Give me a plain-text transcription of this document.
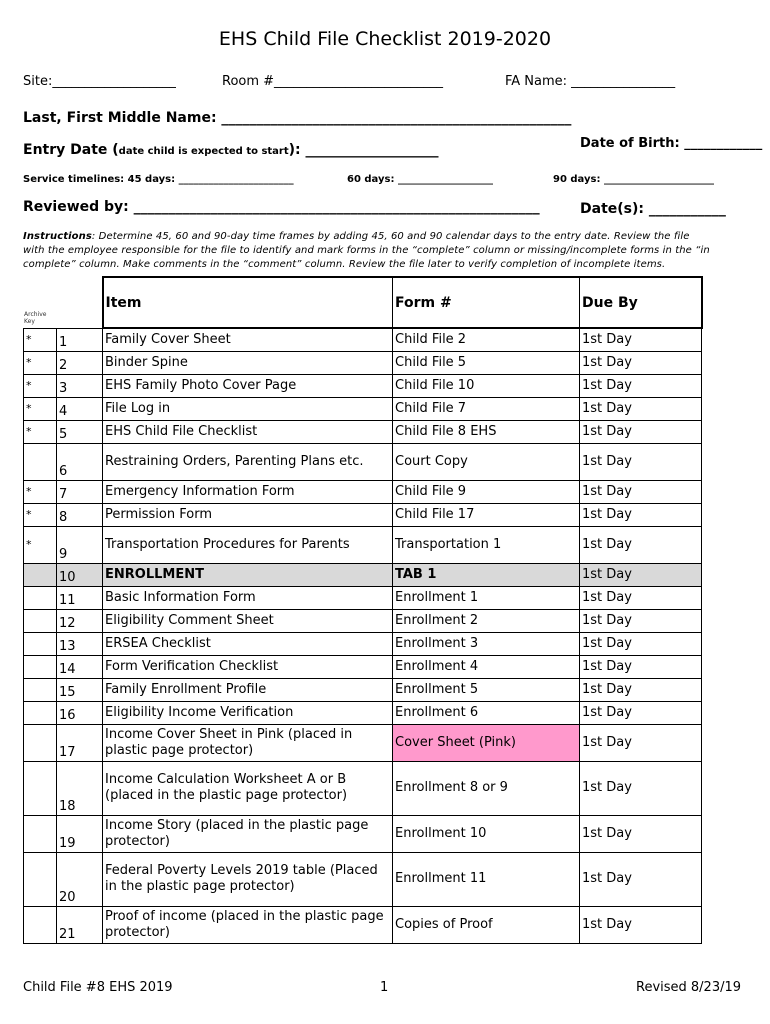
EHS Child File Checklist 2019-2020
Site:___________________	Room #__________________________	FA Name: ________________
Last, First Middle Name: __________________________________________________
Entry Date (date child is expected to start): ___________________	Date of Birth: ____________
Service timelines: 45 days: _______________________	60 days: ___________________	90 days: ______________________
Reviewed by: __________________________________________________________	Date(s): ___________
Instructions: Determine 45, 60 and 90-day time frames by adding 45, 60 and 90 calendar days to the entry date. Review the file
with the employee responsible for the file to identify and mark forms in the “complete” column or missing/incomplete forms in the “in
complete” column. Make comments in the “comment” column. Review the file later to verify completion of incomplete items.
Archive Key
		Item	Form #	Due By
*	1	Family Cover Sheet	Child File 2	1st Day
*	2	Binder Spine	Child File 5	1st Day
*	3	EHS Family Photo Cover Page	Child File 10	1st Day
*	4	File Log in	Child File 7	1st Day
*	5	EHS Child File Checklist	Child File 8 EHS	1st Day
	6	Restraining Orders, Parenting Plans etc.	Court Copy	1st Day
*	7	Emergency Information Form	Child File 9	1st Day
*	8	Permission Form	Child File 17	1st Day
*	9	Transportation Procedures for Parents	Transportation 1	1st Day
	10	ENROLLMENT	TAB 1	1st Day
	11	Basic Information Form	Enrollment 1	1st Day
	12	Eligibility Comment Sheet	Enrollment 2	1st Day
	13	ERSEA Checklist	Enrollment 3	1st Day
	14	Form Verification Checklist	Enrollment 4	1st Day
	15	Family Enrollment Profile	Enrollment 5	1st Day
	16	Eligibility Income Verification	Enrollment 6	1st Day
	17	Income Cover Sheet in Pink (placed in plastic page protector)	Cover Sheet (Pink)	1st Day
	18	Income Calculation Worksheet A or B (placed in the plastic page protector)	Enrollment 8 or 9	1st Day
	19	Income Story (placed in the plastic page protector)	Enrollment 10	1st Day
	20	Federal Poverty Levels 2019 table (Placed in the plastic page protector)	Enrollment 11	1st Day
	21	Proof of income (placed in the plastic page protector)	Copies of Proof	1st Day
Child File #8 EHS 2019	1	Revised 8/23/19
